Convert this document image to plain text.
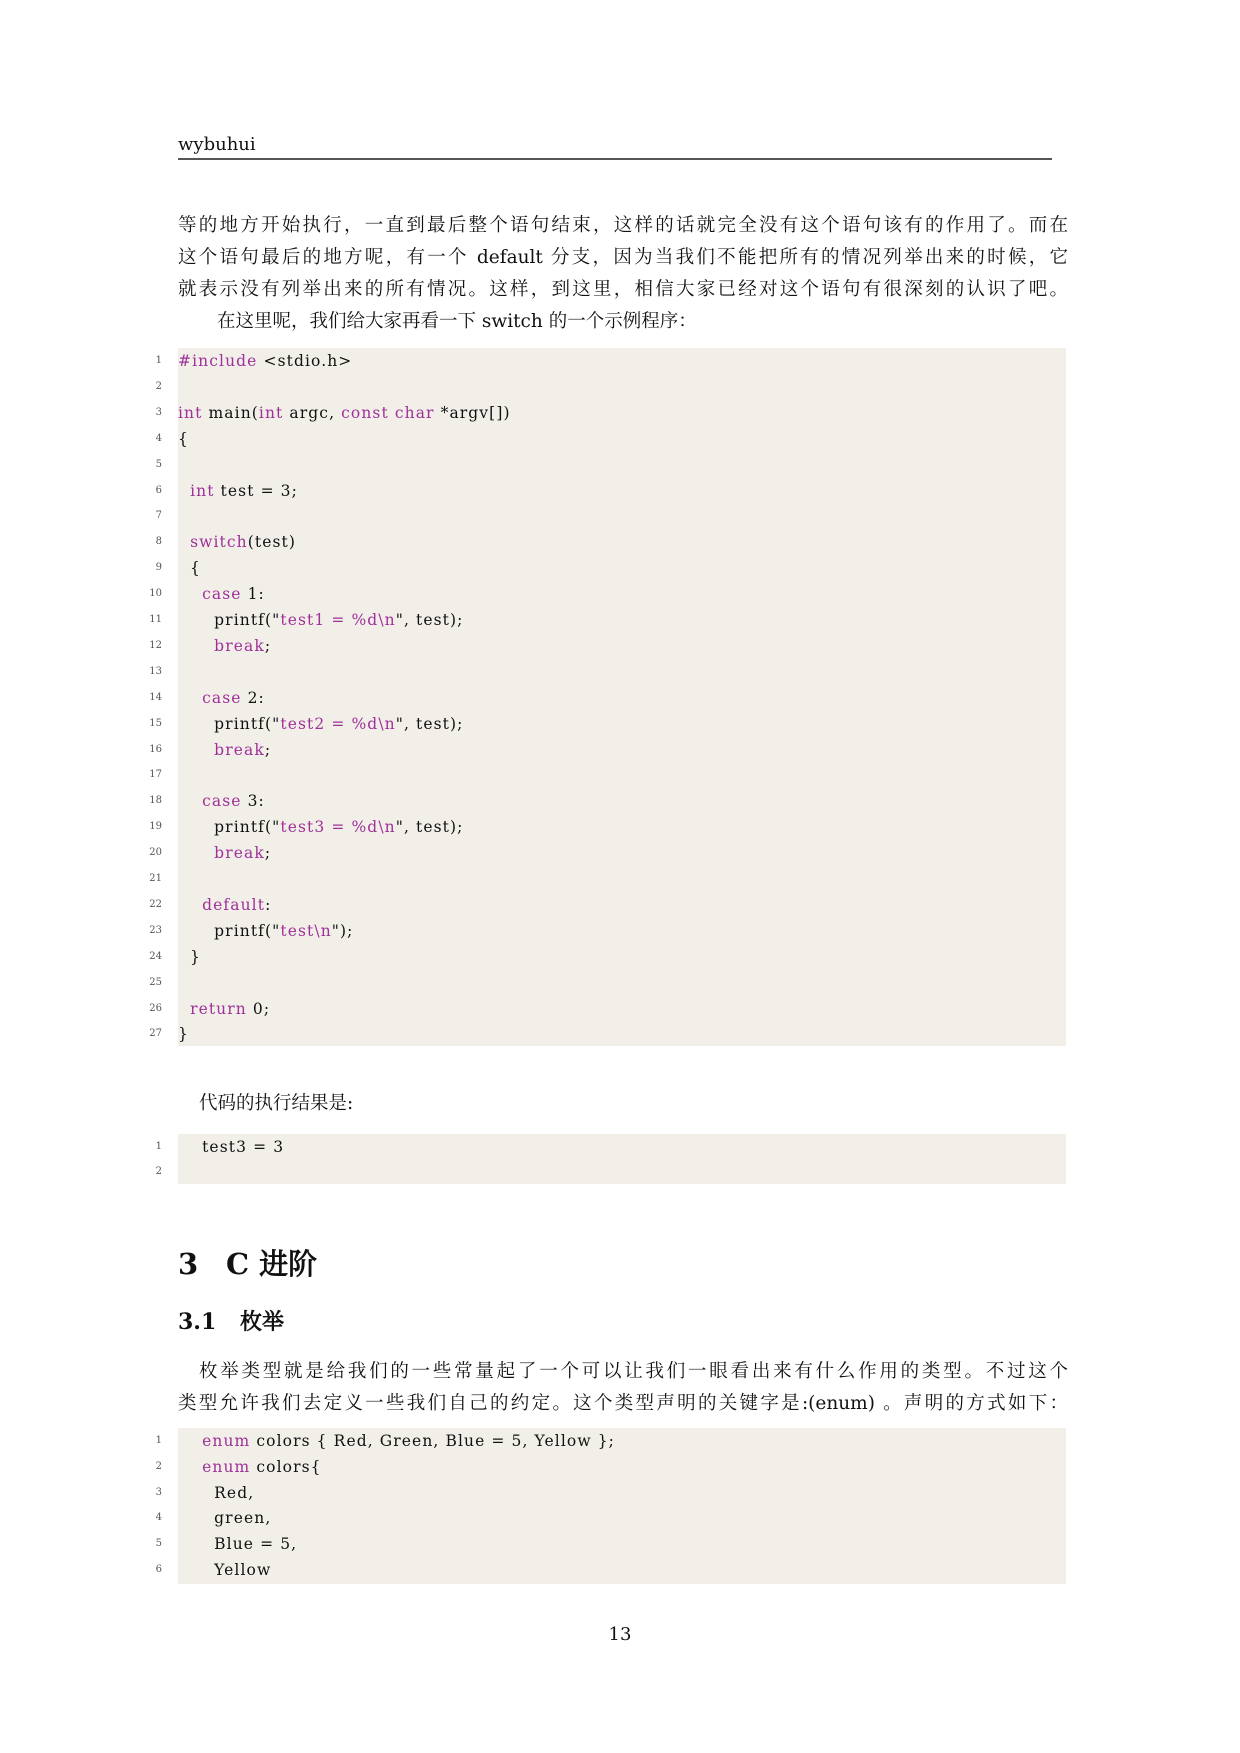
wybuhui

等的地方开始执行，一直到最后整个语句结束，这样的话就完全没有这个语句该有的作用了。而在
这个语句最后的地方呢，有一个 default 分支，因为当我们不能把所有的情况列举出来的时候，它
就表示没有列举出来的所有情况。这样，到这里，相信大家已经对这个语句有很深刻的认识了吧。
在这里呢，我们给大家再看一下 switch 的一个示例程序：

1 #include <stdio.h>
2
3 int main(int argc, const char *argv[])
4 {
5
6	int test = 3;
7
8	switch(test)
9 {
10	case 1:
11 printf("test1 = %d\n", test);
12	break;
13
14	case 2:
15 printf("test2 = %d\n", test);
16	break;
17
18	case 3:
19 printf("test3 = %d\n", test);
20	break;
21
22	default:
23 printf("test\n");
24 }
25
26	return 0;
27 }

代码的执行结果是:

1 test3 = 3
2
3 C 进阶
3.1 枚举

枚举类型就是给我们的一些常量起了一个可以让我们一眼看出来有什么作用的类型。不过这个
类型允许我们去定义一些我们自己的约定。这个类型声明的关键字是:(enum) 。声明的方式如下：

1	enum colors { Red, Green, Blue = 5, Yellow };
2	enum colors{
3 Red,
4 green,
5 Blue = 5,
6 Yellow
13
